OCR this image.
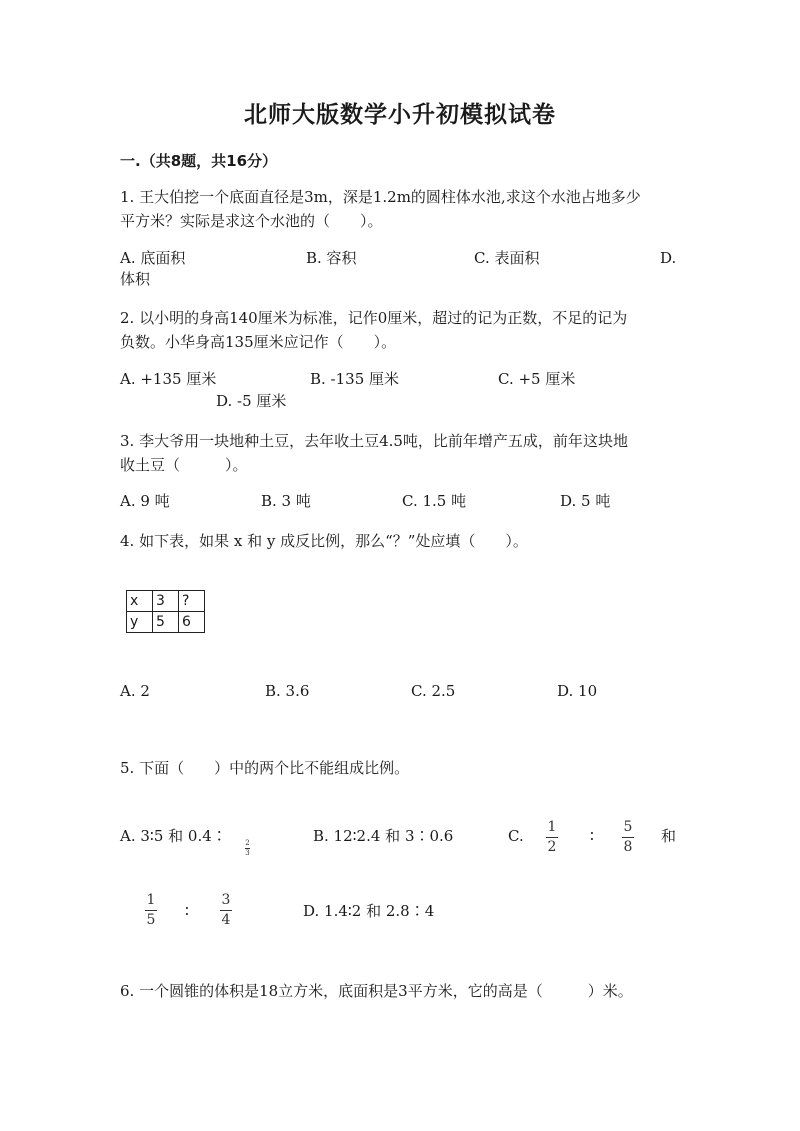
北师大版数学小升初模拟试卷
一.（共8题，共16分）
1. 王大伯挖一个底面直径是3m，深是1.2m的圆柱体水池,求这个水池占地多少
平方米？实际是求这个水池的（　　）。
A. 底面积	B. 容积	C. 表面积	D.
体积
2. 以小明的身高140厘米为标准，记作0厘米，超过的记为正数，不足的记为
负数。小华身高135厘米应记作（　　）。
A. +135 厘米	B. -135 厘米	C. +5 厘米
D. -5 厘米
3. 李大爷用一块地种土豆，去年收土豆4.5吨，比前年增产五成，前年这块地
收土豆（　　　）。
A. 9 吨	B. 3 吨	C. 1.5 吨	D. 5 吨
4. 如下表，如果 x 和 y 成反比例，那么“？”处应填（　　）。
x	3	?
y	5	6
A. 2	B. 3.6	C. 2.5	D. 10
5. 下面（　　）中的两个比不能组成比例。
A. 3∶5 和 0.4∶	2
3
B. 12∶2.4 和 3∶0.6	C. 1
2
∶ 5
8
和
1
5 ∶
3
4	D. 1.4∶2 和 2.8∶4
6. 一个圆锥的体积是18立方米，底面积是3平方米，它的高是（　　　）米。
